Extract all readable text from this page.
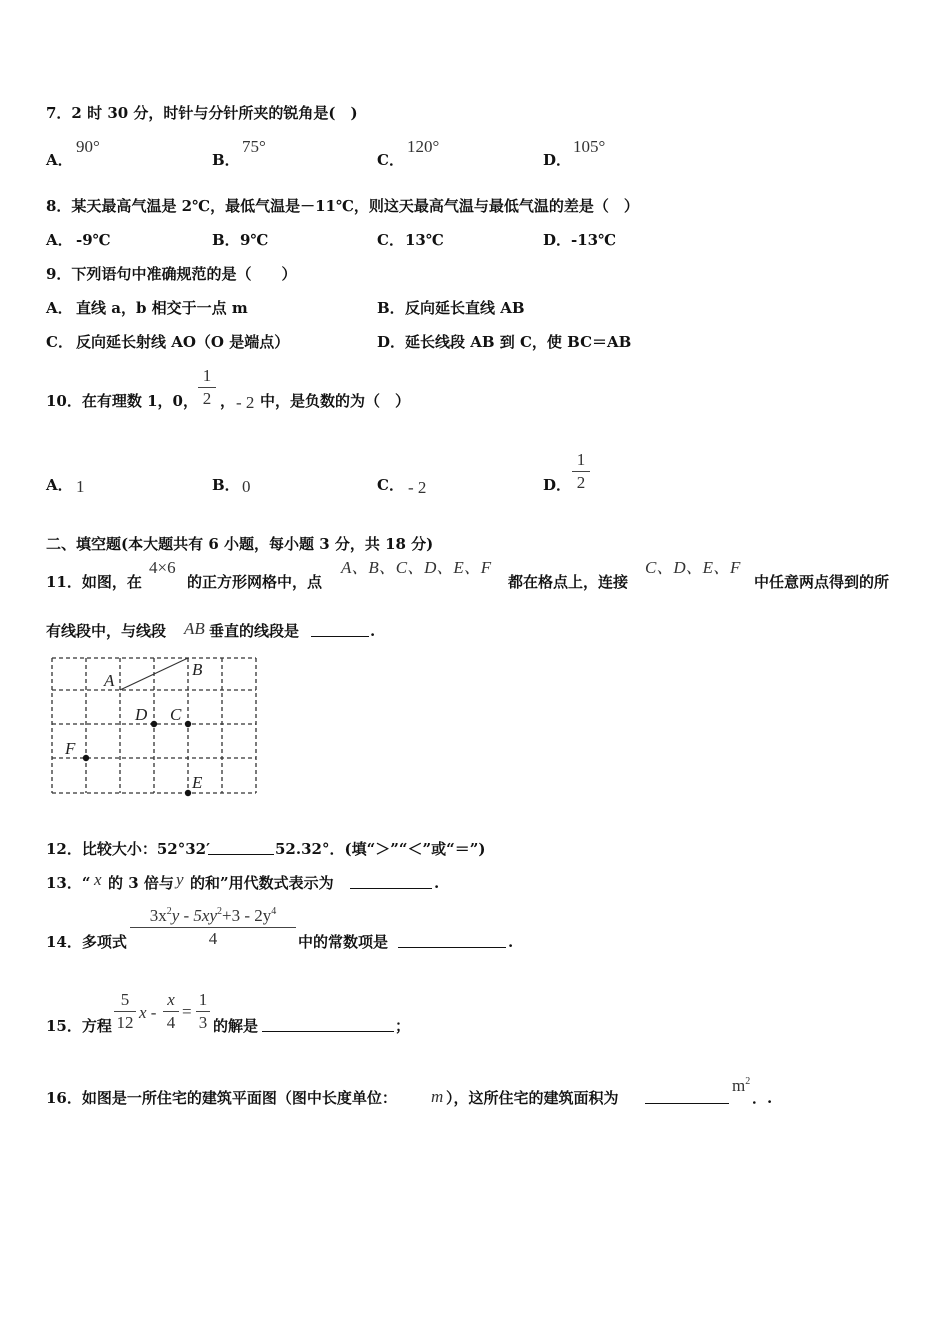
7．2 时 30 分，时针与分针所夹的锐角是(　)
A．
90°
B．
75°
C．
120°
D．
105°
8．某天最高气温是 2℃，最低气温是－11℃，则这天最高气温与最低气温的差是（　）
A． -9℃	B． 9℃	C． 13℃	D． -13℃
9．下列语句中准确规范的是（　　）
A． 直线 a，b 相交于一点 m	B． 反向延长直线 AB
C． 反向延长射线 AO（O 是端点）	D． 延长线段 AB 到 C，使 BC＝AB
10．在有理数 1，0，
1
2 ， - 2 中，是负数的为（　）
A． 1	B． 0	C． - 2	D．
1
2
二、填空题(本大题共有 6 小题，每小题 3 分，共 18 分)
11．如图，在
4×6
的正方形网格中，点
A、B、C、D、E、F
都在格点上，连接
C、D、E、F
中任意两点得到的所
有线段中，与线段 AB 垂直的线段是	.
A
B
C
D
E
F
12．比较大小：52°32′	52.32°．(填“＞”“＜”或“＝”)
13．“ x 的 3 倍与 y 的和”用代数式表示为	.
14．多项式
$3x^2y - 5xy^2+3 - 2y^4$
4	中的常数项是	.
15．方程
5
12
x -
x
4
=
1
3 的解是	；
16．如图是一所住宅的建筑平面图（图中长度单位： m ），这所住宅的建筑面积为
$m^2$
．.
